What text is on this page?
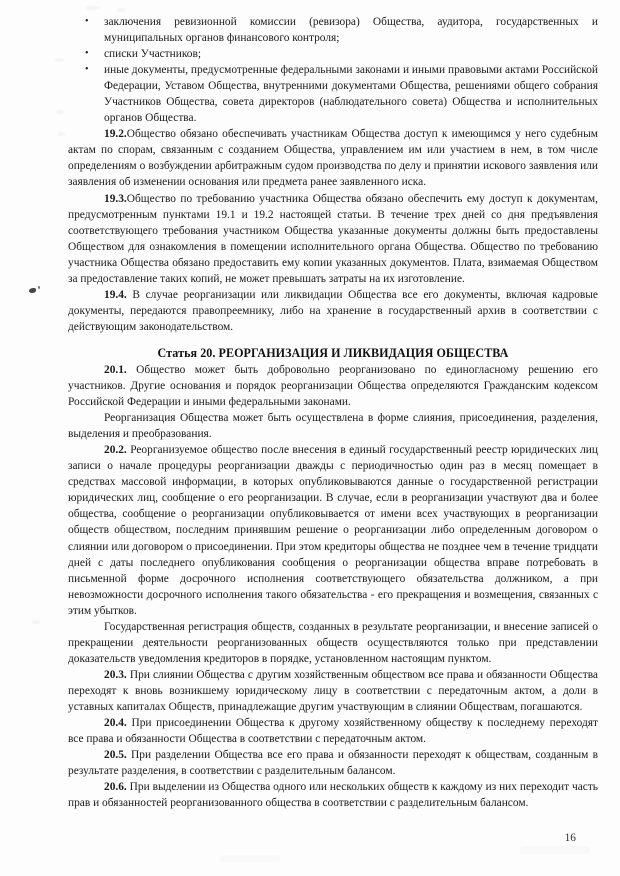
• заключения ревизионной комиссии (ревизора) Общества, аудитора, государственных и муниципальных органов финансового контроля;

• списки Участников;

• иные документы, предусмотренные федеральными законами и иными правовыми актами Российской Федерации, Уставом Общества, внутренними документами Общества, решениями общего собрания Участников Общества, совета директоров (наблюдательного совета) Общества и исполнительных органов Общества.

19.2.Общество обязано обеспечивать участникам Общества доступ к имеющимся у него судебным актам по спорам, связанным с созданием Общества, управлением им или участием в нем, в том числе определениям о возбуждении арбитражным судом производства по делу и принятии искового заявления или заявления об изменении основания или предмета ранее заявленного иска.

19.3.Общество по требованию участника Общества обязано обеспечить ему доступ к документам, предусмотренным пунктами 19.1 и 19.2 настоящей статьи. В течение трех дней со дня предъявления соответствующего требования участником Общества указанные документы должны быть предоставлены Обществом для ознакомления в помещении исполнительного органа Общества. Общество по требованию участника Общества обязано предоставить ему копии указанных документов. Плата, взимаемая Обществом за предоставление таких копий, не может превышать затраты на их изготовление.

19.4. В случае реорганизации или ликвидации Общества все его документы, включая кадровые документы, передаются правопреемнику, либо на хранение в государственный архив в соответствии с действующим законодательством.

Статья 20. РЕОРГАНИЗАЦИЯ И ЛИКВИДАЦИЯ ОБЩЕСТВА

20.1. Общество может быть добровольно реорганизовано по единогласному решению его участников. Другие основания и порядок реорганизации Общества определяются Гражданским кодексом Российской Федерации и иными федеральными законами.

Реорганизация Общества может быть осуществлена в форме слияния, присоединения, разделения, выделения и преобразования.

20.2. Реорганизуемое общество после внесения в единый государственный реестр юридических лиц записи о начале процедуры реорганизации дважды с периодичностью один раз в месяц помещает в средствах массовой информации, в которых опубликовываются данные о государственной регистрации юридических лиц, сообщение о его реорганизации. В случае, если в реорганизации участвуют два и более общества, сообщение о реорганизации опубликовывается от имени всех участвующих в реорганизации обществ обществом, последним принявшим решение о реорганизации либо определенным договором о слиянии или договором о присоединении. При этом кредиторы общества не позднее чем в течение тридцати дней с даты последнего опубликования сообщения о реорганизации общества вправе потребовать в письменной форме досрочного исполнения соответствующего обязательства должником, а при невозможности досрочного исполнения такого обязательства - его прекращения и возмещения, связанных с этим убытков.

Государственная регистрация обществ, созданных в результате реорганизации, и внесение записей о прекращении деятельности реорганизованных обществ осуществляются только при представлении доказательств уведомления кредиторов в порядке, установленном настоящим пунктом.

20.3. При слиянии Общества с другим хозяйственным обществом все права и обязанности Общества переходят к вновь возникшему юридическому лицу в соответствии с передаточным актом, а доли в уставных капиталах Обществ, принадлежащие другим участвующим в слиянии Обществам, погашаются.

20.4. При присоединении Общества к другому хозяйственному обществу к последнему переходят все права и обязанности Общества в соответствии с передаточным актом.

20.5. При разделении Общества все его права и обязанности переходят к обществам, созданным в результате разделения, в соответствии с разделительным балансом.

20.6. При выделении из Общества одного или нескольких обществ к каждому из них переходит часть прав и обязанностей реорганизованного общества в соответствии с разделительным балансом.

16
